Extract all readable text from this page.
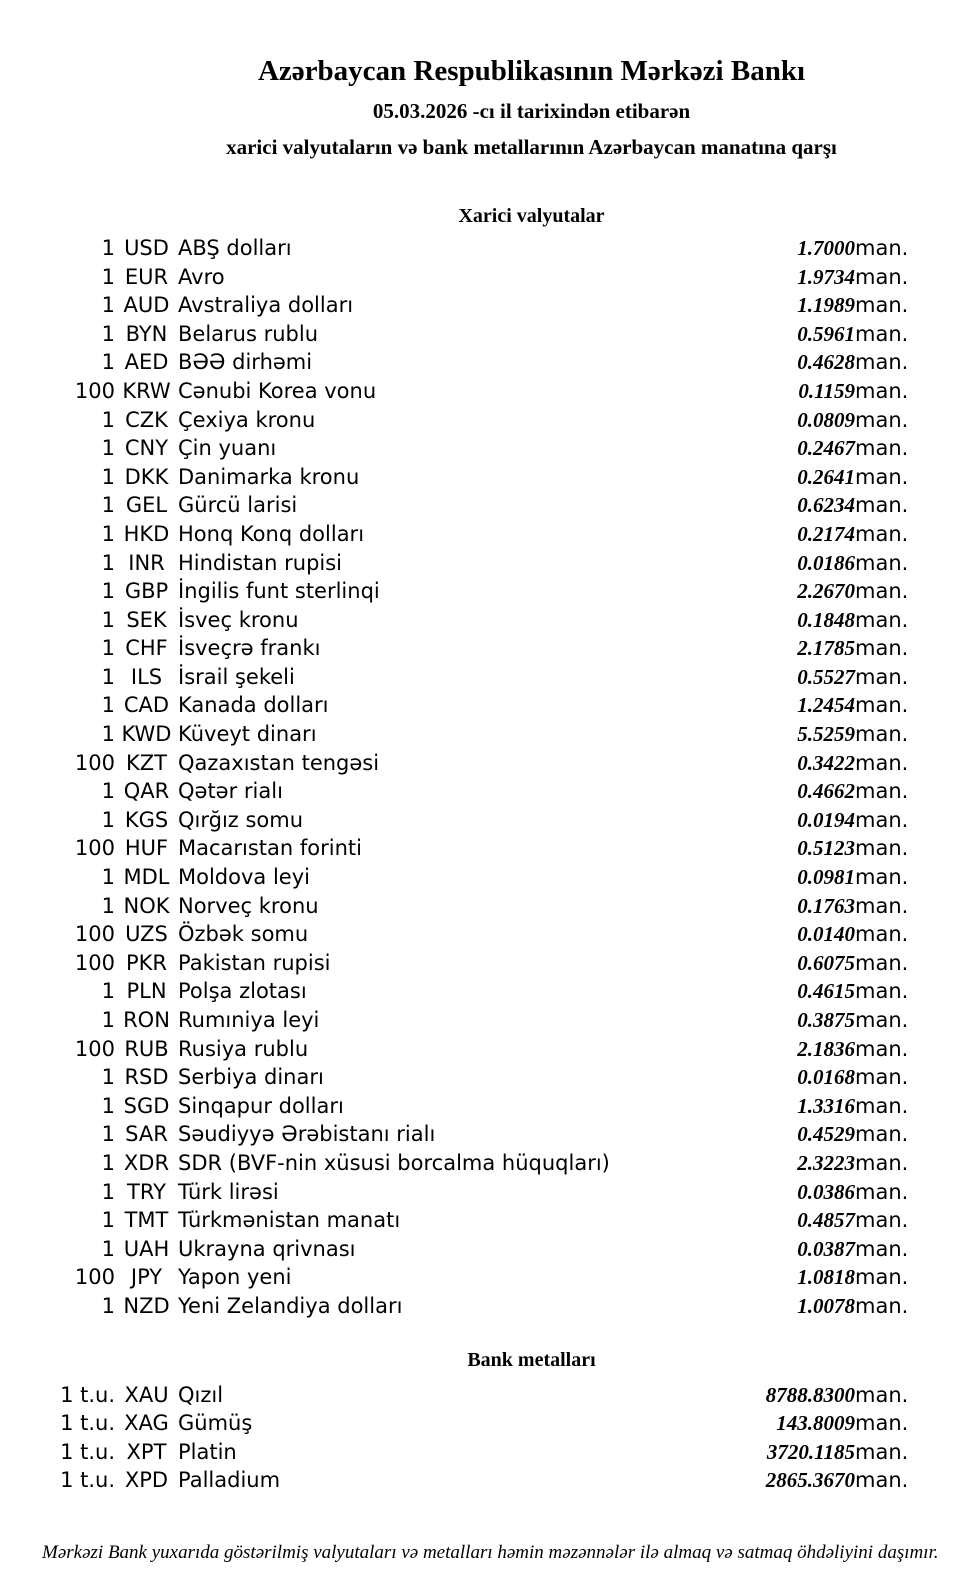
Azərbaycan Respublikasının Mərkəzi Bankı
05.03.2026 -cı il tarixindən etibarən
xarici valyutaların və bank metallarının Azərbaycan manatına qarşı
Xarici valyutalar
1	USD	ABŞ dolları	1.7000	man.
1	EUR	Avro	1.9734	man.
1	AUD	Avstraliya dolları	1.1989	man.
1	BYN	Belarus rublu	0.5961	man.
1	AED	BƏƏ dirhəmi	0.4628	man.
100	KRW	Cənubi Korea vonu	0.1159	man.
1	CZK	Çexiya kronu	0.0809	man.
1	CNY	Çin yuanı	0.2467	man.
1	DKK	Danimarka kronu	0.2641	man.
1	GEL	Gürcü larisi	0.6234	man.
1	HKD	Honq Konq dolları	0.2174	man.
1	INR	Hindistan rupisi	0.0186	man.
1	GBP	İngilis funt sterlinqi	2.2670	man.
1	SEK	İsveç kronu	0.1848	man.
1	CHF	İsveçrə frankı	2.1785	man.
1	ILS	İsrail şekeli	0.5527	man.
1	CAD	Kanada dolları	1.2454	man.
1	KWD	Küveyt dinarı	5.5259	man.
100	KZT	Qazaxıstan tengəsi	0.3422	man.
1	QAR	Qətər rialı	0.4662	man.
1	KGS	Qırğız somu	0.0194	man.
100	HUF	Macarıstan forinti	0.5123	man.
1	MDL	Moldova leyi	0.0981	man.
1	NOK	Norveç kronu	0.1763	man.
100	UZS	Özbək somu	0.0140	man.
100	PKR	Pakistan rupisi	0.6075	man.
1	PLN	Polşa zlotası	0.4615	man.
1	RON	Rumıniya leyi	0.3875	man.
100	RUB	Rusiya rublu	2.1836	man.
1	RSD	Serbiya dinarı	0.0168	man.
1	SGD	Sinqapur dolları	1.3316	man.
1	SAR	Səudiyyə Ərəbistanı rialı	0.4529	man.
1	XDR	SDR (BVF-nin xüsusi borcalma hüquqları)	2.3223	man.
1	TRY	Türk lirəsi	0.0386	man.
1	TMT	Türkmənistan manatı	0.4857	man.
1	UAH	Ukrayna qrivnası	0.0387	man.
100	JPY	Yapon yeni	1.0818	man.
1	NZD	Yeni Zelandiya dolları	1.0078	man.
Bank metalları
1 t.u.	XAU	Qızıl	8788.8300	man.
1 t.u.	XAG	Gümüş	143.8009	man.
1 t.u.	XPT	Platin	3720.1185	man.
1 t.u.	XPD	Palladium	2865.3670	man.
Mərkəzi Bank yuxarıda göstərilmiş valyutaları və metalları həmin məzənnələr ilə almaq və satmaq öhdəliyini daşımır.
